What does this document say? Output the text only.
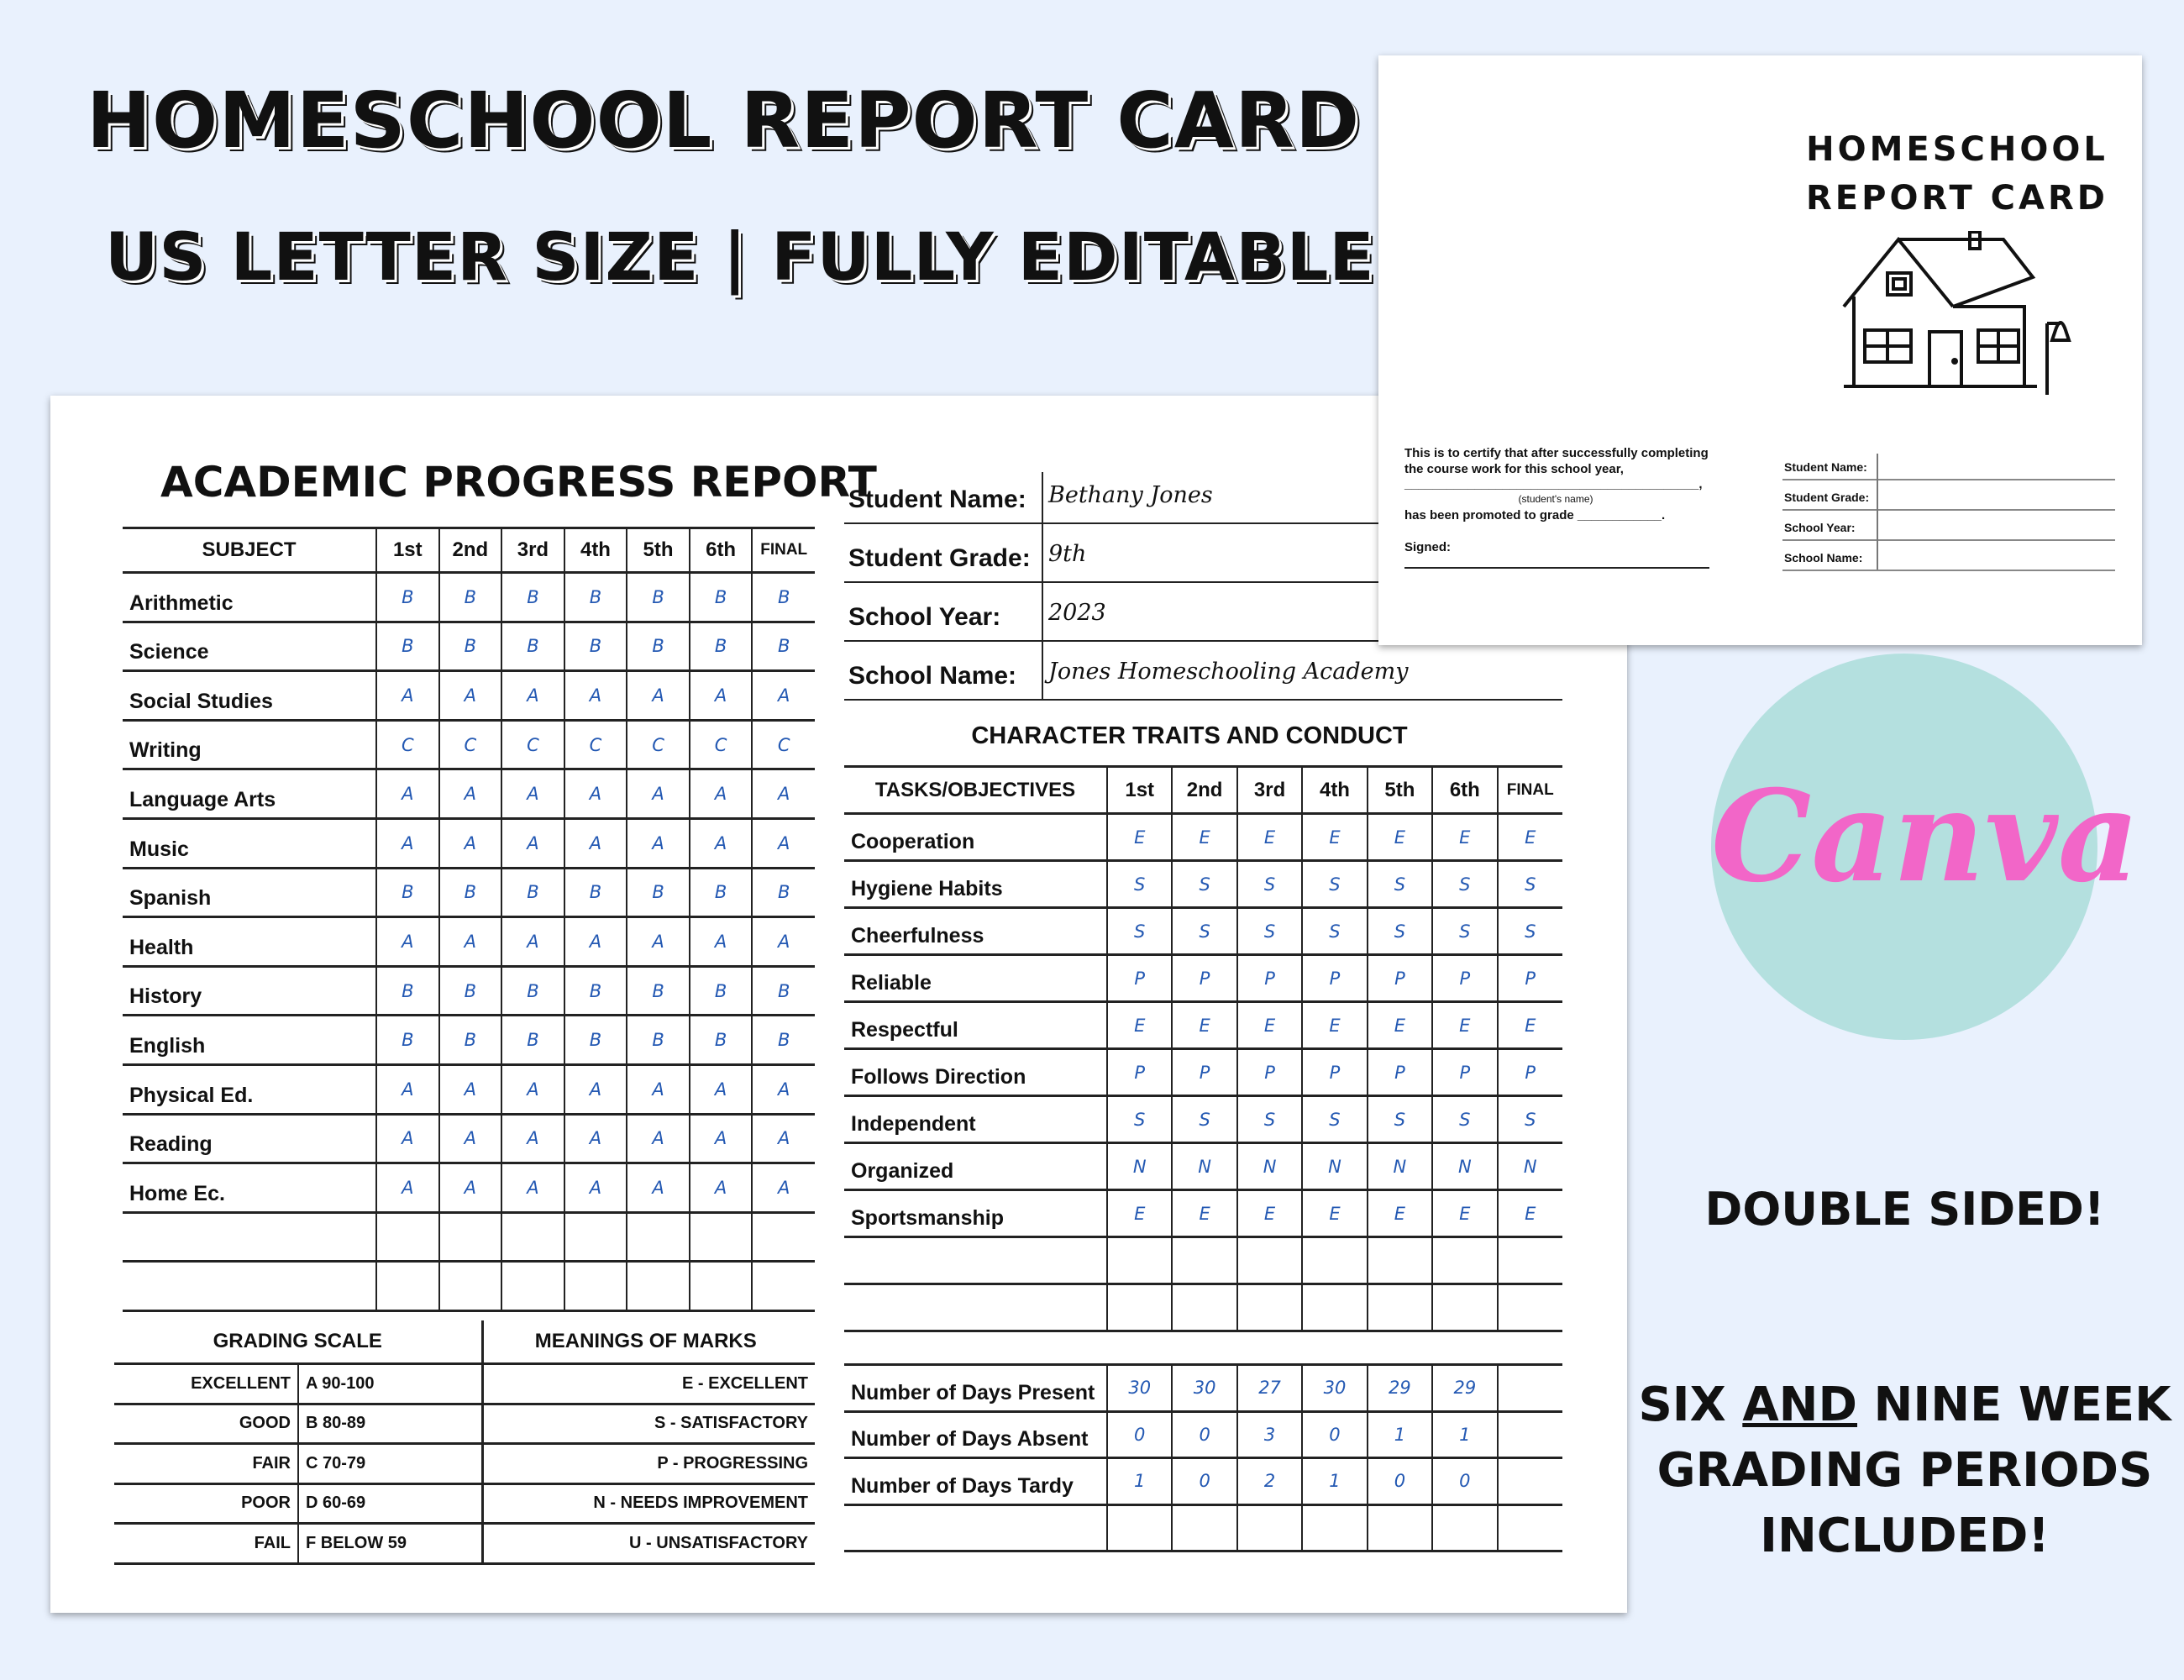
HOMESCHOOL REPORT CARD
US LETTER SIZE | FULLY EDITABLE
ACADEMIC PROGRESS REPORT
SUBJECT	1st	2nd	3rd	4th	5th	6th	FINAL
Arithmetic	B	B	B	B	B	B	B
Science	B	B	B	B	B	B	B
Social Studies	A	A	A	A	A	A	A
Writing	C	C	C	C	C	C	C
Language Arts	A	A	A	A	A	A	A
Music	A	A	A	A	A	A	A
Spanish	B	B	B	B	B	B	B
Health	A	A	A	A	A	A	A
History	B	B	B	B	B	B	B
English	B	B	B	B	B	B	B
Physical Ed.	A	A	A	A	A	A	A
Reading	A	A	A	A	A	A	A
Home Ec.	A	A	A	A	A	A	A

GRADING SCALE		MEANINGS OF MARKS
EXCELLENT	A 90-100	E - EXCELLENT
GOOD	B 80-89	S - SATISFACTORY
FAIR	C 70-79	P - PROGRESSING
POOR	D 60-69	N - NEEDS IMPROVEMENT
FAIL	F BELOW 59	U - UNSATISFACTORY
Student Name: Bethany Jones
Student Grade: 9th
School Year: 2023
School Name: Jones Homeschooling Academy
CHARACTER TRAITS AND CONDUCT
TASKS/OBJECTIVES	1st	2nd	3rd	4th	5th	6th	FINAL
Cooperation	E	E	E	E	E	E	E
Hygiene Habits	S	S	S	S	S	S	S
Cheerfulness	S	S	S	S	S	S	S
Reliable	P	P	P	P	P	P	P
Respectful	E	E	E	E	E	E	E
Follows Direction	P	P	P	P	P	P	P
Independent	S	S	S	S	S	S	S
Organized	N	N	N	N	N	N	N
Sportsmanship	E	E	E	E	E	E	E

Number of Days Present	30	30	27	30	29	29	
Number of Days Absent	0	0	3	0	1	1	
Number of Days Tardy	1	0	2	1	0	0	

HOMESCHOOL
REPORT CARD
This is to certify that after successfully completing the course work for this school year,
__________________________________________,
(student's name)
has been promoted to grade ____________.
Signed:
Student Name:
Student Grade:
School Year:
School Name:
Canva
DOUBLE SIDED!
SIX AND NINE WEEK
GRADING PERIODS
INCLUDED!
